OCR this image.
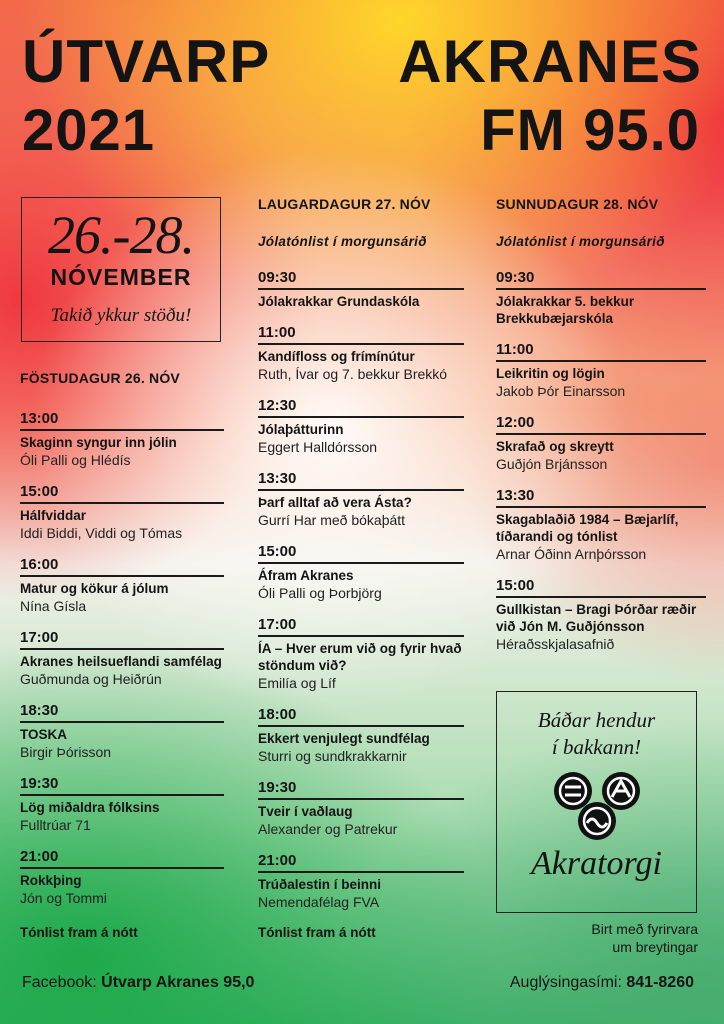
ÚTVARP AKRANES
2021	FM 95.0
26.-28.
NÓVEMBER
Takið ykkur stöðu!
FÖSTUDAGUR 26. NÓV
13:00
Skaginn syngur inn jólin
Óli Palli og Hlédís
15:00
Hálfviddar
Iddi Biddi, Viddi og Tómas
16:00
Matur og kökur á jólum
Nína Gísla
17:00
Akranes heilsueflandi samfélag
Guðmunda og Heiðrún
18:30
TOSKA
Birgir Þórisson
19:30
Lög miðaldra fólksins
Fulltrúar 71
21:00
Rokkþing
Jón og Tommi
Tónlist fram á nótt
LAUGARDAGUR 27. NÓV
Jólatónlist í morgunsárið
09:30
Jólakrakkar Grundaskóla
11:00
Kandífloss og frímínútur
Ruth, Ívar og 7. bekkur Brekkó
12:30
Jólaþátturinn
Eggert Halldórsson
13:30
Þarf alltaf að vera Ásta?
Gurrí Har með bókaþátt
15:00
Áfram Akranes
Óli Palli og Þorbjörg
17:00
ÍA – Hver erum við og fyrir hvað stöndum við?
Emilía og Líf
18:00
Ekkert venjulegt sundfélag
Sturri og sundkrakkarnir
19:30
Tveir í vaðlaug
Alexander og Patrekur
21:00
Trúðalestin í beinni
Nemendafélag FVA
Tónlist fram á nótt
SUNNUDAGUR 28. NÓV
Jólatónlist í morgunsárið
09:30
Jólakrakkar 5. bekkur Brekkubæjarskóla
11:00
Leikritin og lögin
Jakob Þór Einarsson
12:00
Skrafað og skreytt
Guðjón Brjánsson
13:30
Skagablaðið 1984 – Bæjarlíf, tíðarandi og tónlist
Arnar Óðinn Arnþórsson
15:00
Gullkistan – Bragi Þórðar ræðir við Jón M. Guðjónsson
Héraðsskjalasafnið
Báðar hendur
í bakkann!
Akratorgi
Birt með fyrirvara
um breytingar
Facebook: Útvarp Akranes 95,0	Auglýsingasími: 841-8260
